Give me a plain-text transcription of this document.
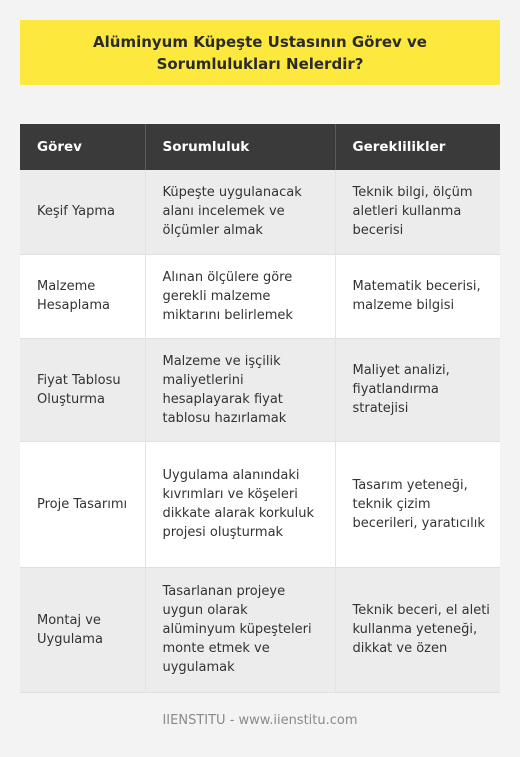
Alüminyum Küpeşte Ustasının Görev ve Sorumlulukları Nelerdir?
Görev	Sorumluluk	Gereklilikler
Keşif Yapma	Küpeşte uygulanacak alanı incelemek ve ölçümler almak	Teknik bilgi, ölçüm aletleri kullanma becerisi
Malzeme Hesaplama	Alınan ölçülere göre gerekli malzeme miktarını belirlemek	Matematik becerisi, malzeme bilgisi
Fiyat Tablosu Oluşturma	Malzeme ve işçilik maliyetlerini hesaplayarak fiyat tablosu hazırlamak	Maliyet analizi, fiyatlandırma stratejisi
Proje Tasarımı	Uygulama alanındaki kıvrımları ve köşeleri dikkate alarak korkuluk projesi oluşturmak	Tasarım yeteneği, teknik çizim becerileri, yaratıcılık
Montaj ve Uygulama	Tasarlanan projeye uygun olarak alüminyum küpeşteleri monte etmek ve uygulamak	Teknik beceri, el aleti kullanma yeteneği, dikkat ve özen
IIENSTITU - www.iienstitu.com
